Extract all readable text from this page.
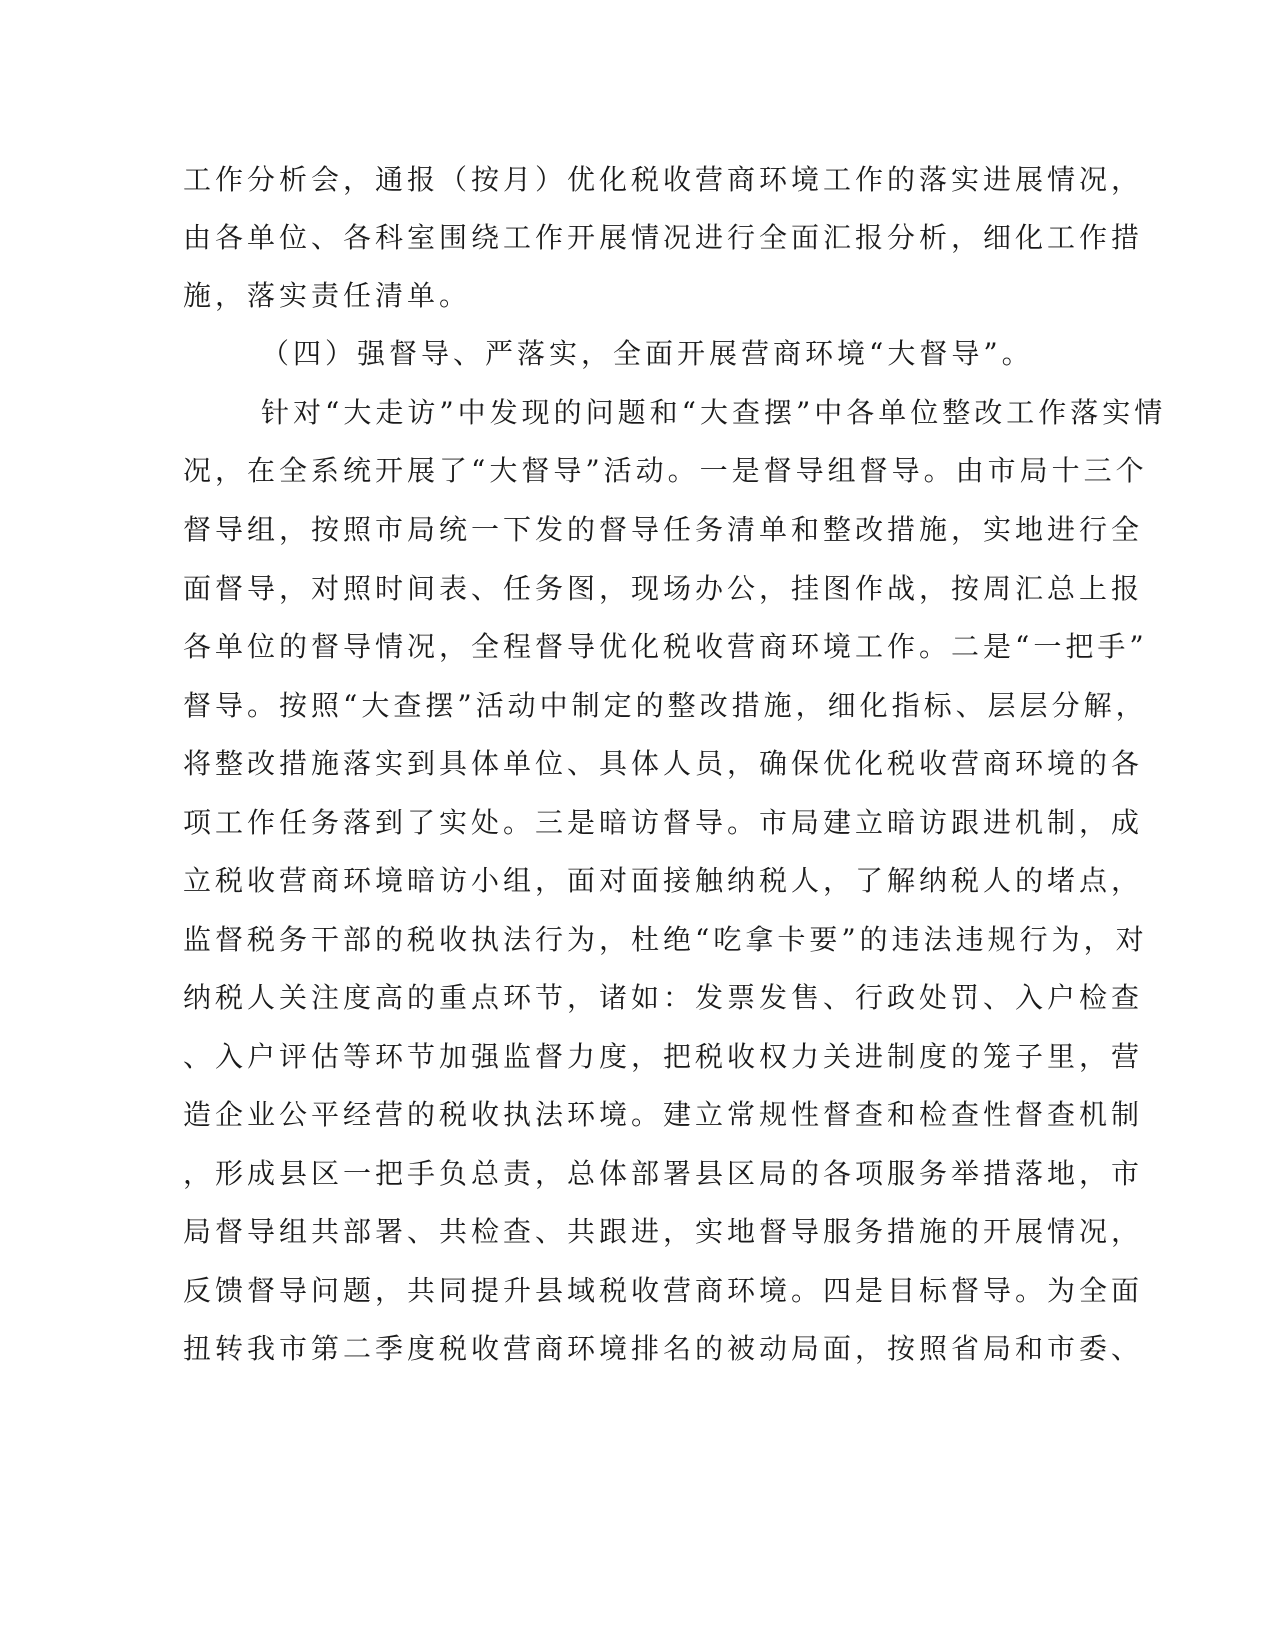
工作分析会，通报（按月）优化税收营商环境工作的落实进展情况，
由各单位、各科室围绕工作开展情况进行全面汇报分析，细化工作措
施，落实责任清单。
（四）强督导、严落实，全面开展营商环境“大督导”。
针对“大走访”中发现的问题和“大查摆”中各单位整改工作落实情
况，在全系统开展了“大督导”活动。一是督导组督导。由市局十三个
督导组，按照市局统一下发的督导任务清单和整改措施，实地进行全
面督导，对照时间表、任务图，现场办公，挂图作战，按周汇总上报
各单位的督导情况，全程督导优化税收营商环境工作。二是“一把手”
督导。按照“大查摆”活动中制定的整改措施，细化指标、层层分解，
将整改措施落实到具体单位、具体人员，确保优化税收营商环境的各
项工作任务落到了实处。三是暗访督导。市局建立暗访跟进机制，成
立税收营商环境暗访小组，面对面接触纳税人，了解纳税人的堵点，
监督税务干部的税收执法行为，杜绝“吃拿卡要”的违法违规行为，对
纳税人关注度高的重点环节，诸如：发票发售、行政处罚、入户检查
、入户评估等环节加强监督力度，把税收权力关进制度的笼子里，营
造企业公平经营的税收执法环境。建立常规性督查和检查性督查机制
，形成县区一把手负总责，总体部署县区局的各项服务举措落地，市
局督导组共部署、共检查、共跟进，实地督导服务措施的开展情况，
反馈督导问题，共同提升县域税收营商环境。四是目标督导。为全面
扭转我市第二季度税收营商环境排名的被动局面，按照省局和市委、
